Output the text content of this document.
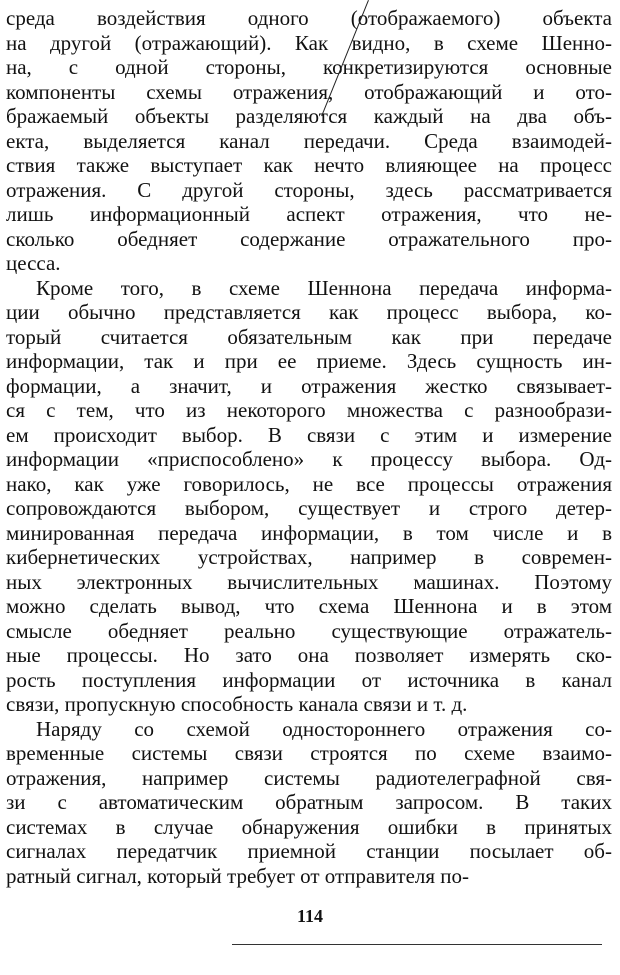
среда воздействия одного (отображаемого) объекта
на другой (отражающий). Как видно, в схеме Шенно-
на, с одной стороны, конкретизируются основные
компоненты схемы отражения, отображающий и ото-
бражаемый объекты разделяются каждый на два объ-
екта, выделяется канал передачи. Среда взаимодей-
ствия также выступает как нечто влияющее на процесс
отражения. С другой стороны, здесь рассматривается
лишь информационный аспект отражения, что не-
сколько обедняет содержание отражательного про-
цесса.
Кроме того, в схеме Шеннона передача информа-
ции обычно представляется как процесс выбора, ко-
торый считается обязательным как при передаче
информации, так и при ее приеме. Здесь сущность ин-
формации, а значит, и отражения жестко связывает-
ся с тем, что из некоторого множества с разнообрази-
ем происходит выбор. В связи с этим и измерение
информации «приспособлено» к процессу выбора. Од-
нако, как уже говорилось, не все процессы отражения
сопровождаются выбором, существует и строго детер-
минированная передача информации, в том числе и в
кибернетических устройствах, например в современ-
ных электронных вычислительных машинах. Поэтому
можно сделать вывод, что схема Шеннона и в этом
смысле обедняет реально существующие отражатель-
ные процессы. Но зато она позволяет измерять ско-
рость поступления информации от источника в канал
связи, пропускную способность канала связи и т. д.
Наряду со схемой одностороннего отражения со-
временные системы связи строятся по схеме взаимо-
отражения, например системы радиотелеграфной свя-
зи с автоматическим обратным запросом. В таких
системах в случае обнаружения ошибки в принятых
сигналах передатчик приемной станции посылает об-
ратный сигнал, который требует от отправителя по-
114
